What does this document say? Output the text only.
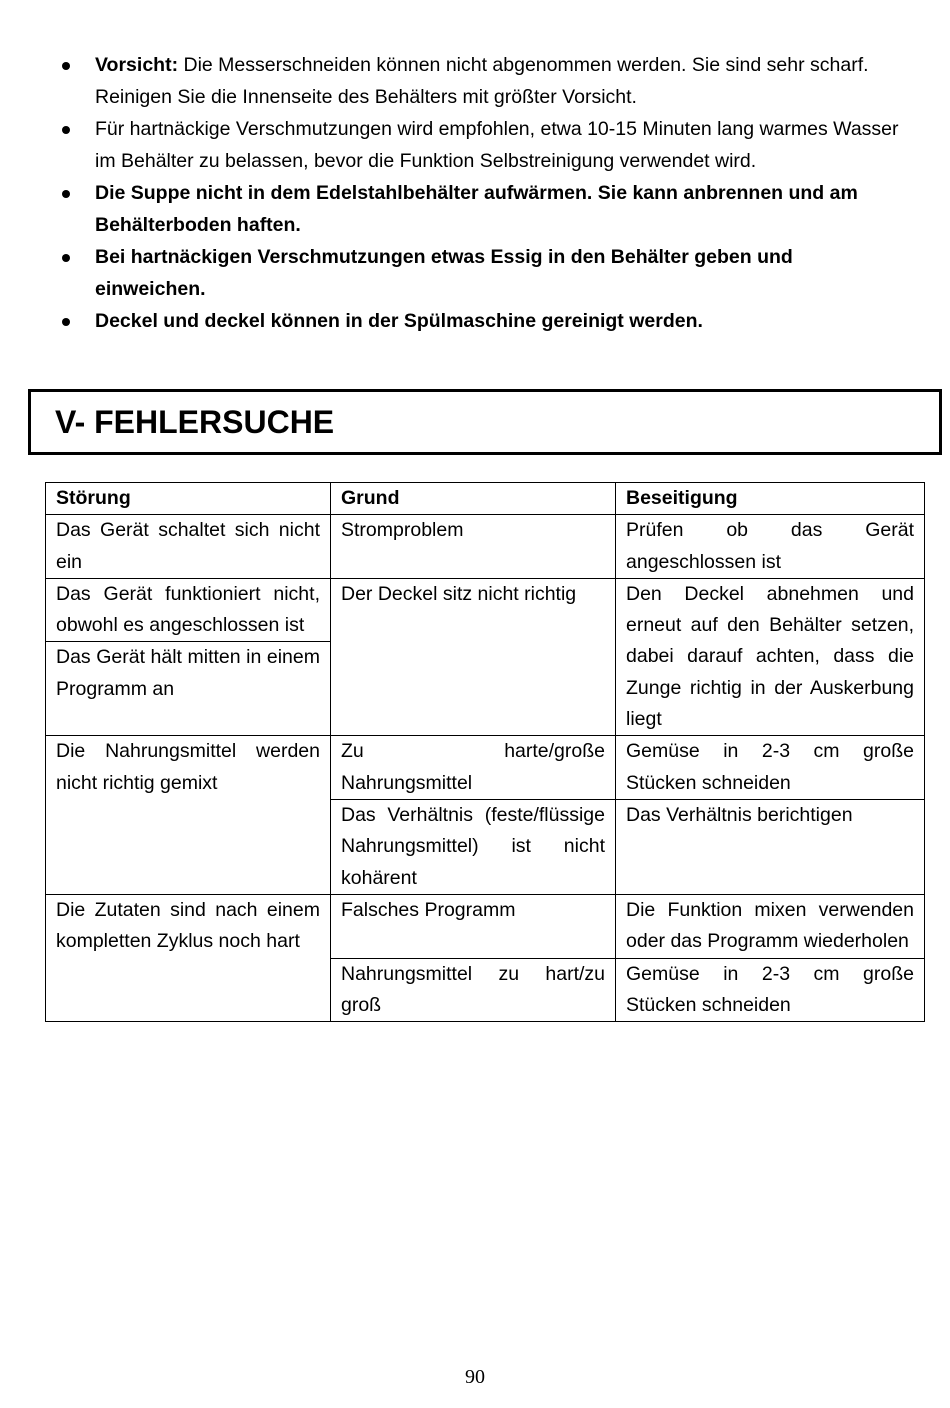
Vorsicht: Die Messerschneiden können nicht abgenommen werden. Sie sind sehr scharf. Reinigen Sie die Innenseite des Behälters mit größter Vorsicht.
Für hartnäckige Verschmutzungen wird empfohlen, etwa 10-15 Minuten lang warmes Wasser im Behälter zu belassen, bevor die Funktion Selbstreinigung verwendet wird.
Die Suppe nicht in dem Edelstahlbehälter aufwärmen. Sie kann anbrennen und am Behälterboden haften.
Bei hartnäckigen Verschmutzungen etwas Essig in den Behälter geben und einweichen.
Deckel und deckel können in der Spülmaschine gereinigt werden.
V- FEHLERSUCHE
Störung	Grund	Beseitigung
Das Gerät schaltet sich nicht ein	Stromproblem	Prüfen ob das Gerät angeschlossen ist
Das Gerät funktioniert nicht, obwohl es angeschlossen ist	Der Deckel sitz nicht richtig	Den Deckel abnehmen und erneut auf den Behälter setzen, dabei darauf achten, dass die Zunge richtig in der Auskerbung liegt
Das Gerät hält mitten in einem Programm an		
Die Nahrungsmittel werden nicht richtig gemixt	Zu harte/große Nahrungsmittel	Gemüse in 2-3 cm große Stücken schneiden
	Das Verhältnis (feste/flüssige Nahrungsmittel) ist nicht kohärent	Das Verhältnis berichtigen
Die Zutaten sind nach einem kompletten Zyklus noch hart	Falsches Programm	Die Funktion mixen verwenden oder das Programm wiederholen
	Nahrungsmittel zu hart/zu groß	Gemüse in 2-3 cm große Stücken schneiden
90
